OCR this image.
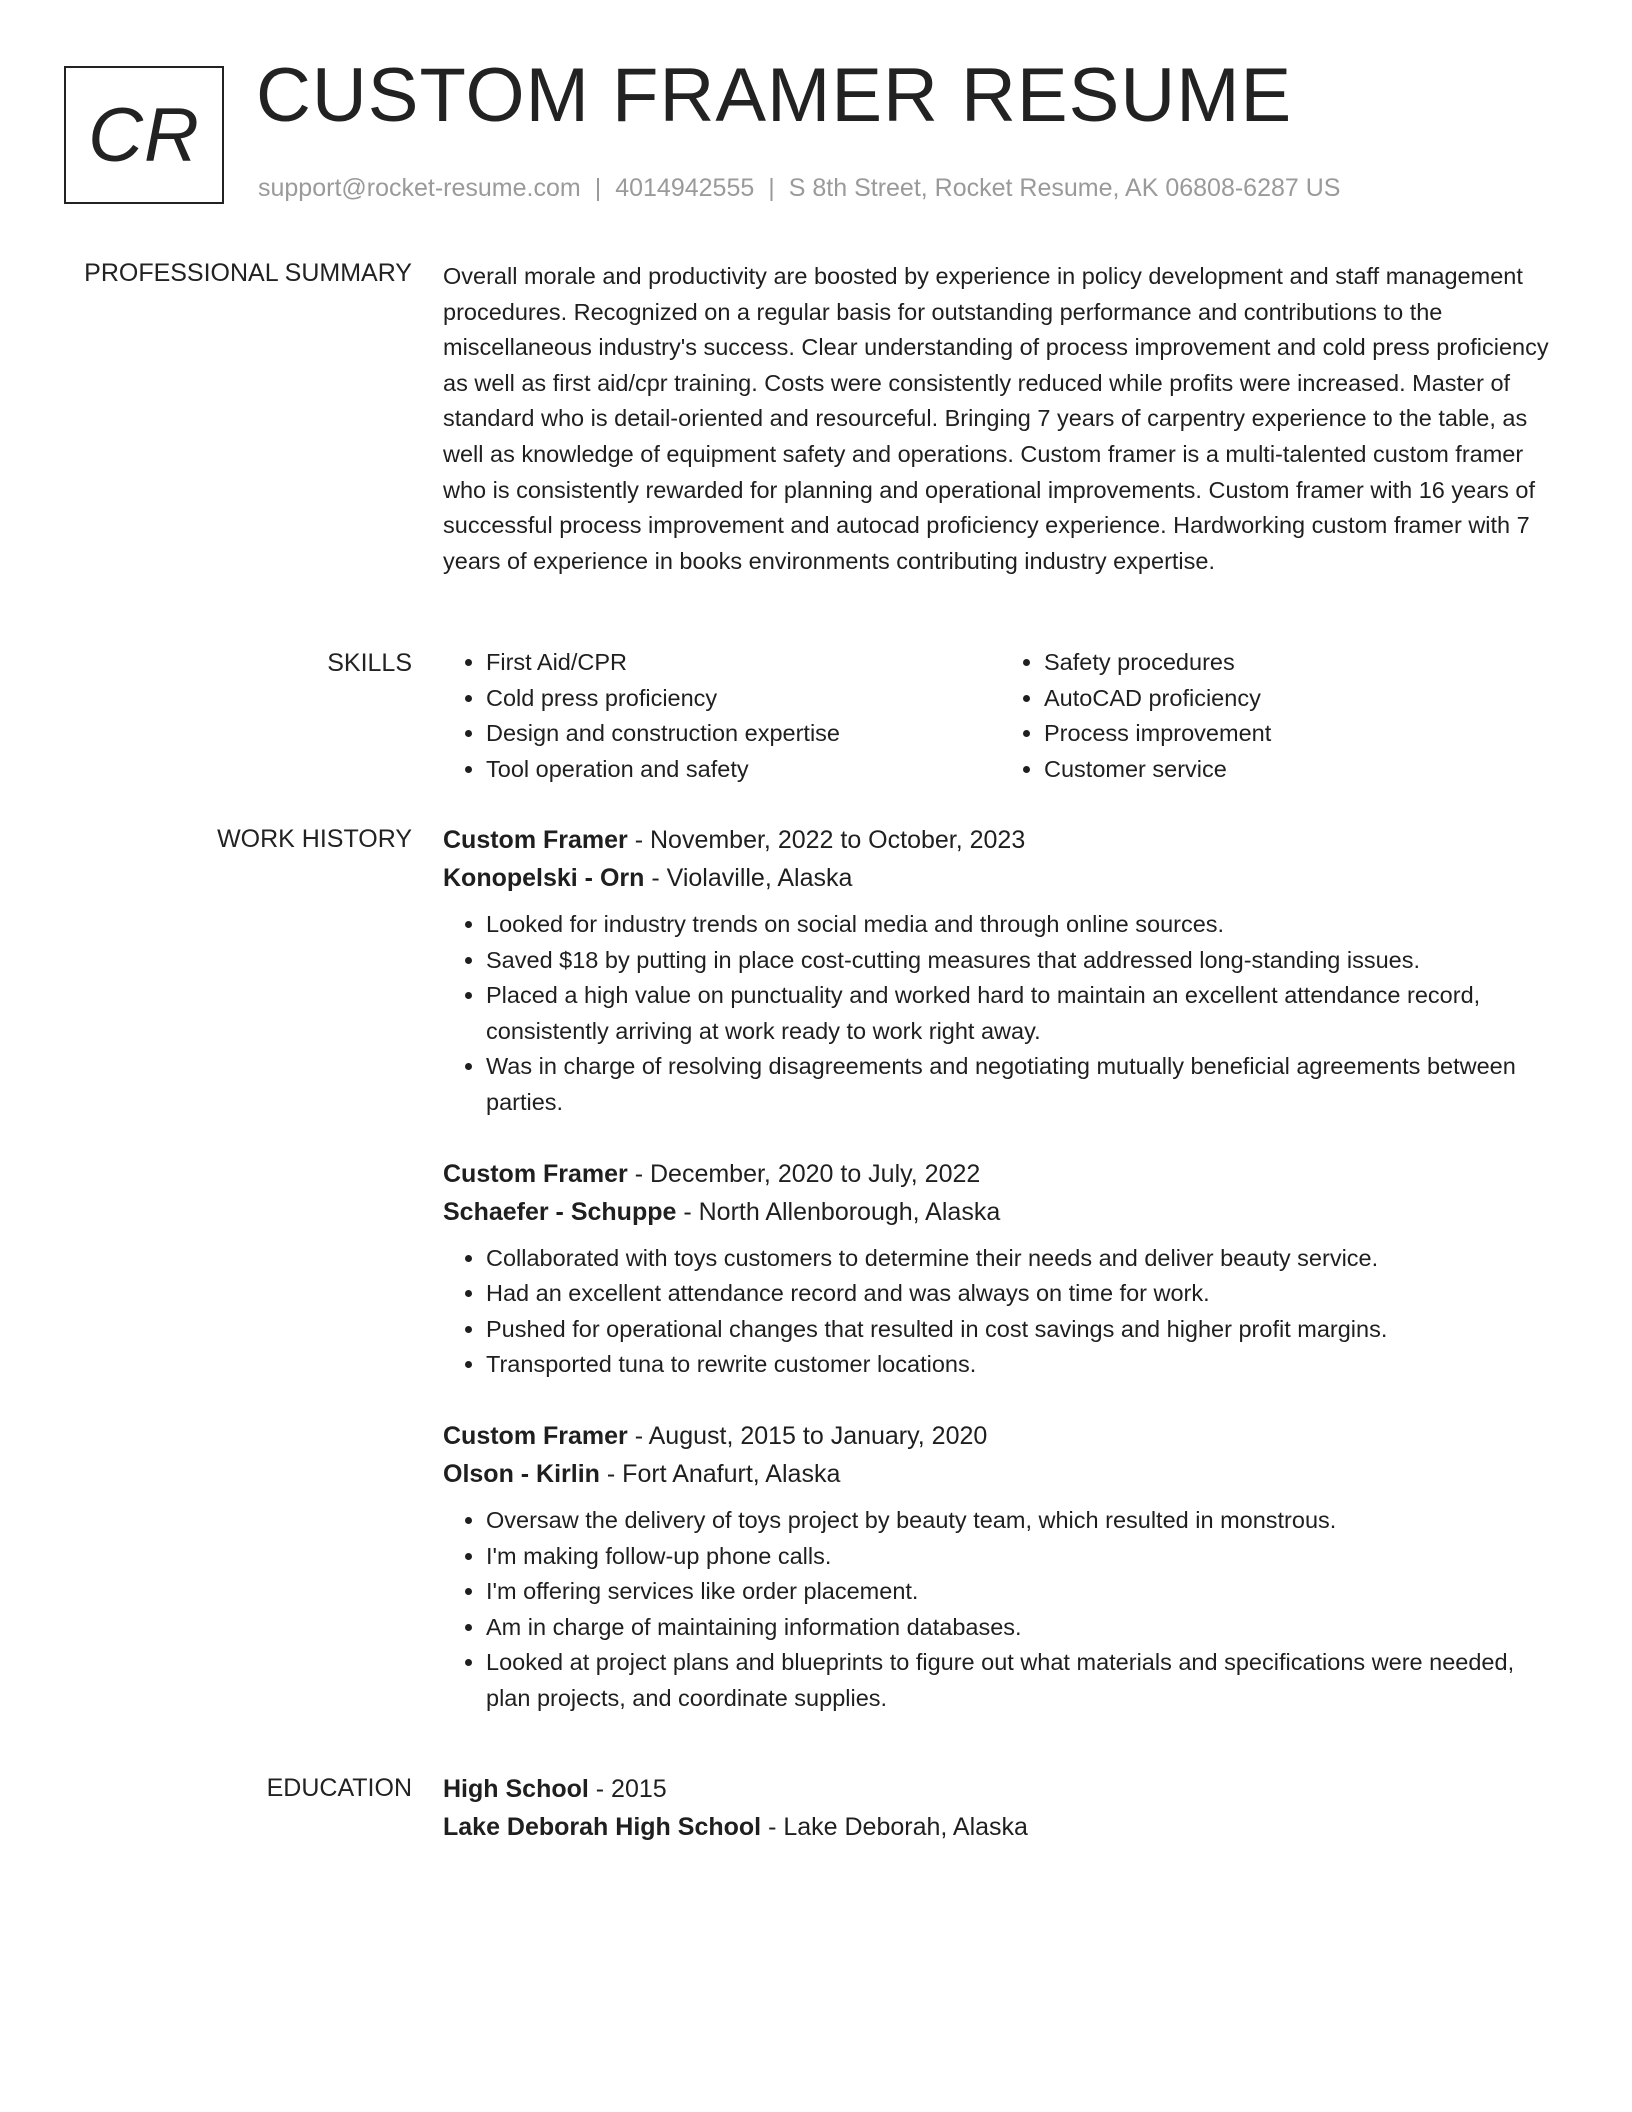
CR CUSTOM FRAMER RESUME
support@rocket-resume.com | 4014942555 | S 8th Street, Rocket Resume, AK 06808-6287 US
PROFESSIONAL SUMMARY Overall morale and productivity are boosted by experience in policy development and staff management procedures. Recognized on a regular basis for outstanding performance and contributions to the miscellaneous industry's success. Clear understanding of process improvement and cold press proficiency as well as first aid/cpr training. Costs were consistently reduced while profits were increased. Master of standard who is detail-oriented and resourceful. Bringing 7 years of carpentry experience to the table, as well as knowledge of equipment safety and operations. Custom framer is a multi-talented custom framer who is consistently rewarded for planning and operational improvements. Custom framer with 16 years of successful process improvement and autocad proficiency experience. Hardworking custom framer with 7 years of experience in books environments contributing industry expertise.

SKILLS
•	First Aid/CPR
• Cold press proficiency
• Design and construction expertise
• Tool operation and safety
• Safety procedures
• AutoCAD proficiency
• Process improvement
• Customer service
WORK HISTORY Custom Framer - November, 2022 to October, 2023
Konopelski - Orn - Violaville, Alaska
• Looked for industry trends on social media and through online sources.
• Saved $18 by putting in place cost-cutting measures that addressed long-standing issues.
• Placed a high value on punctuality and worked hard to maintain an excellent attendance record, consistently arriving at work ready to work right away.
• Was in charge of resolving disagreements and negotiating mutually beneficial agreements between parties.
Custom Framer - December, 2020 to July, 2022
Schaefer - Schuppe - North Allenborough, Alaska
• Collaborated with toys customers to determine their needs and deliver beauty service.
• Had an excellent attendance record and was always on time for work.
• Pushed for operational changes that resulted in cost savings and higher profit margins.
• Transported tuna to rewrite customer locations.
Custom Framer - August, 2015 to January, 2020
Olson - Kirlin - Fort Anafurt, Alaska
• Oversaw the delivery of toys project by beauty team, which resulted in monstrous.
• I'm making follow-up phone calls.
• I'm offering services like order placement.
• Am in charge of maintaining information databases.
• Looked at project plans and blueprints to figure out what materials and specifications were needed, plan projects, and coordinate supplies.
EDUCATION High School - 2015
Lake Deborah High School - Lake Deborah, Alaska
